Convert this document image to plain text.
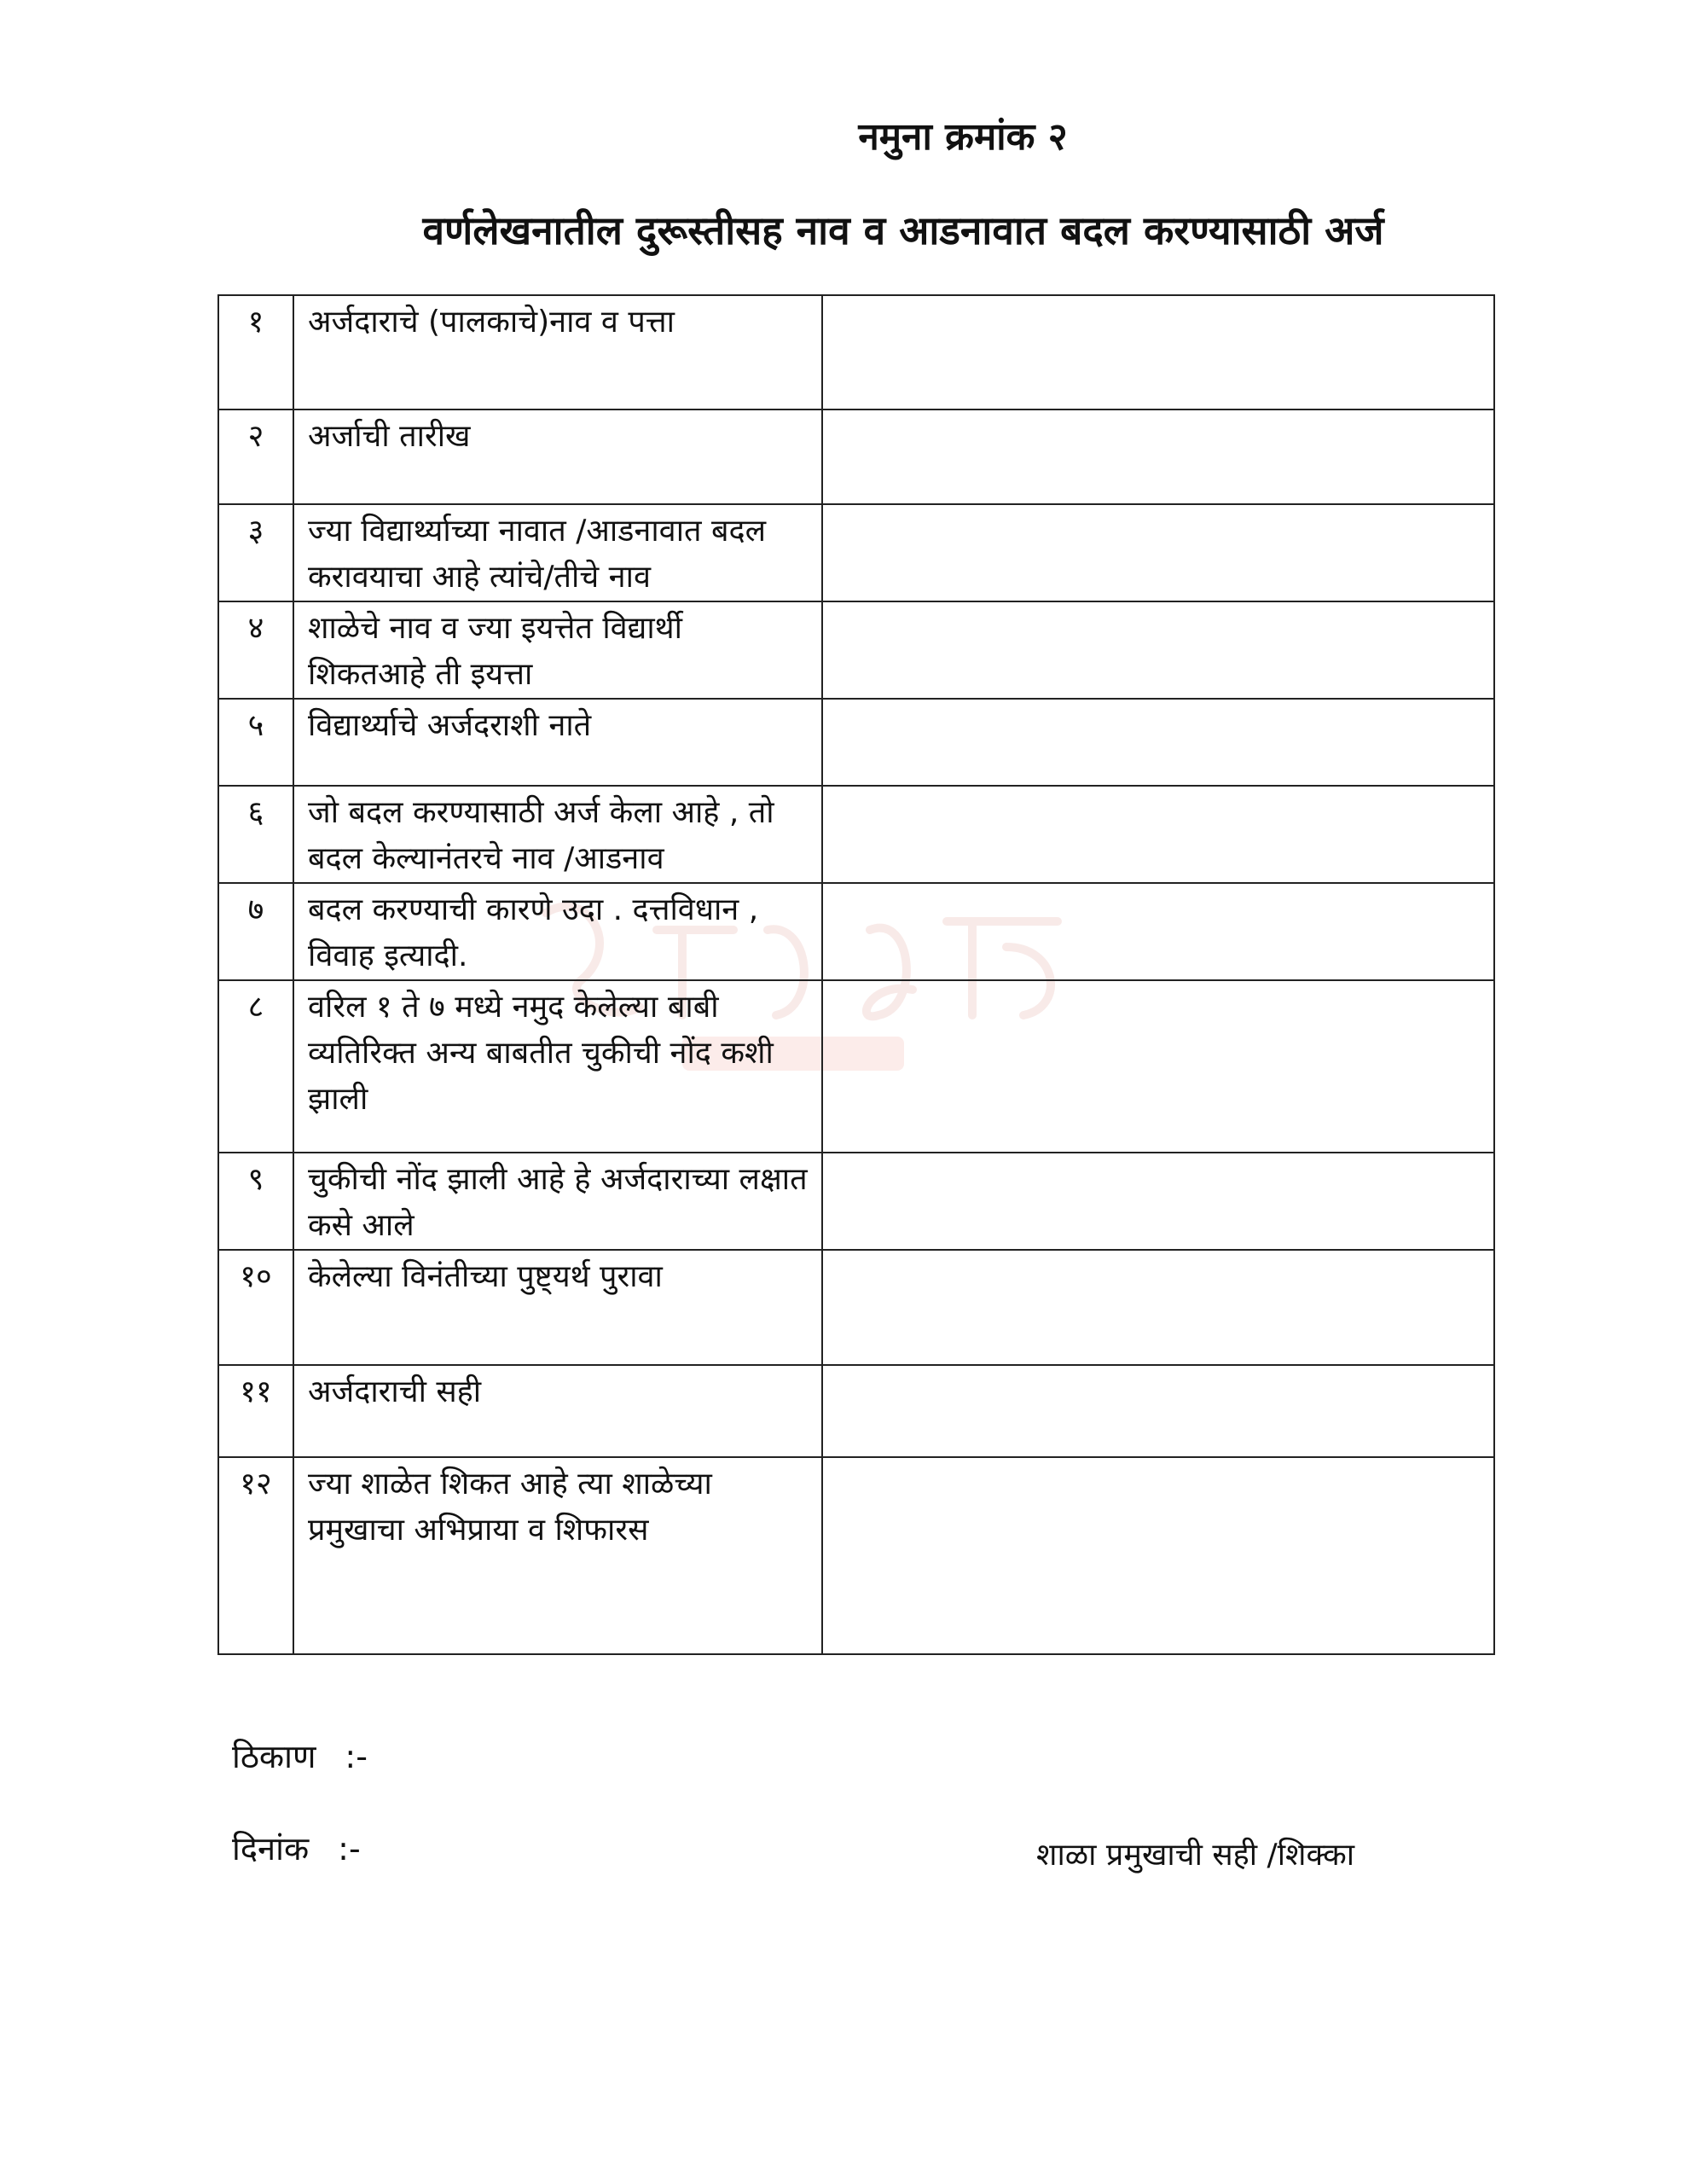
नमुना क्रमांक २
वर्णलेखनातील दुरूस्तीसह नाव व आडनावात बदल करण्यासाठी अर्ज
१	अर्जदाराचे (पालकाचे)नाव व पत्ता	
२	अर्जाची तारीख	
३	ज्या विद्यार्थ्याच्या नावात /आडनावात बदल करावयाचा आहे त्यांचे/तीचे नाव	
४	शाळेचे नाव व ज्या इयत्तेत विद्यार्थी शिकतआहे ती इयत्ता	
५	विद्यार्थ्याचे अर्जदराशी नाते	
६	जो बदल करण्यासाठी अर्ज केला आहे , तो बदल केल्यानंतरचे नाव /आडनाव	
७	बदल करण्याची कारणे उदा . दत्तविधान , विवाह इत्यादी.	
८	वरिल १ ते ७ मध्ये नमुद केलेल्या बाबी व्यतिरिक्त अन्य बाबतीत चुकीची नोंद कशी झाली	
९	चुकीची नोंद झाली आहे हे अर्जदाराच्या लक्षात कसे आले	
१०	केलेल्या विनंतीच्या पुष्ट्यर्थ पुरावा	
११	अर्जदाराची सही	
१२	ज्या शाळेत शिकत आहे त्या शाळेच्या प्रमुखाचा अभिप्राया व शिफारस	
ठिकाण :-
दिनांक :-	शाळा प्रमुखाची सही /शिक्का
